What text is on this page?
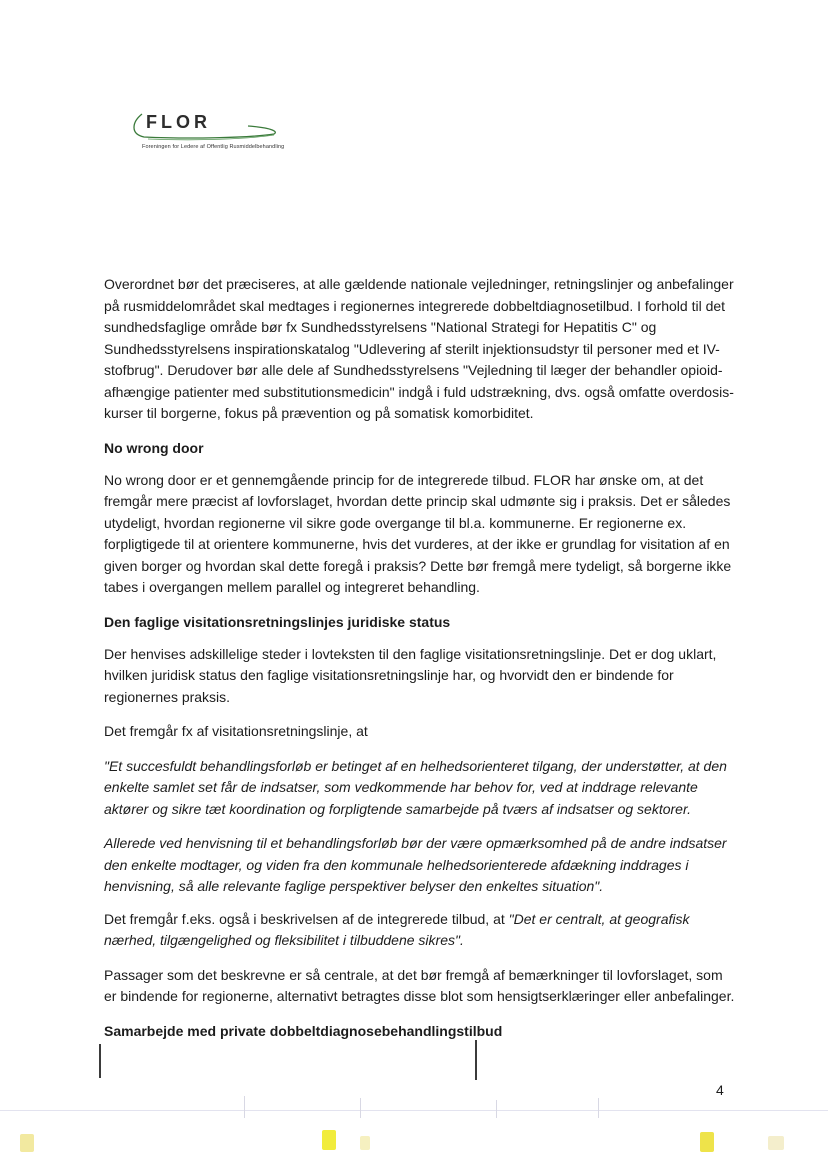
FLOR
Foreningen for Ledere af Offentlig Rusmiddelbehandling

Overordnet bør det præciseres, at alle gældende nationale vejledninger, retningslinjer og anbefalinger på rusmiddelområdet skal medtages i regionernes integrerede dobbeltdiagnosetilbud. I forhold til det sundhedsfaglige område bør fx Sundhedsstyrelsens "National Strategi for Hepatitis C" og Sundhedsstyrelsens inspirationskatalog "Udlevering af sterilt injektionsudstyr til personer med et IV-stofbrug". Derudover bør alle dele af Sundhedsstyrelsens "Vejledning til læger der behandler opioid-afhængige patienter med substitutionsmedicin" indgå i fuld udstrækning, dvs. også omfatte overdosis-kurser til borgerne, fokus på prævention og på somatisk komorbiditet.

No wrong door

No wrong door er et gennemgående princip for de integrerede tilbud. FLOR har ønske om, at det fremgår mere præcist af lovforslaget, hvordan dette princip skal udmønte sig i praksis. Det er således utydeligt, hvordan regionerne vil sikre gode overgange til bl.a. kommunerne. Er regionerne ex. forpligtigede til at orientere kommunerne, hvis det vurderes, at der ikke er grundlag for visitation af en given borger og hvordan skal dette foregå i praksis? Dette bør fremgå mere tydeligt, så borgerne ikke tabes i overgangen mellem parallel og integreret behandling.

Den faglige visitationsretningslinjes juridiske status

Der henvises adskillelige steder i lovteksten til den faglige visitationsretningslinje. Det er dog uklart, hvilken juridisk status den faglige visitationsretningslinje har, og hvorvidt den er bindende for regionernes praksis.

Det fremgår fx af visitationsretningslinje, at

"Et succesfuldt behandlingsforløb er betinget af en helhedsorienteret tilgang, der understøtter, at den enkelte samlet set får de indsatser, som vedkommende har behov for, ved at inddrage relevante aktører og sikre tæt koordination og forpligtende samarbejde på tværs af indsatser og sektorer.

Allerede ved henvisning til et behandlingsforløb bør der være opmærksomhed på de andre indsatser den enkelte modtager, og viden fra den kommunale helhedsorienterede afdækning inddrages i henvisning, så alle relevante faglige perspektiver belyser den enkeltes situation".

Det fremgår f.eks. også i beskrivelsen af de integrerede tilbud, at "Det er centralt, at geografisk nærhed, tilgængelighed og fleksibilitet i tilbuddene sikres".

Passager som det beskrevne er så centrale, at det bør fremgå af bemærkninger til lovforslaget, som er bindende for regionerne, alternativt betragtes disse blot som hensigtserklæringer eller anbefalinger.

Samarbejde med private dobbeltdiagnosebehandlingstilbud

4
